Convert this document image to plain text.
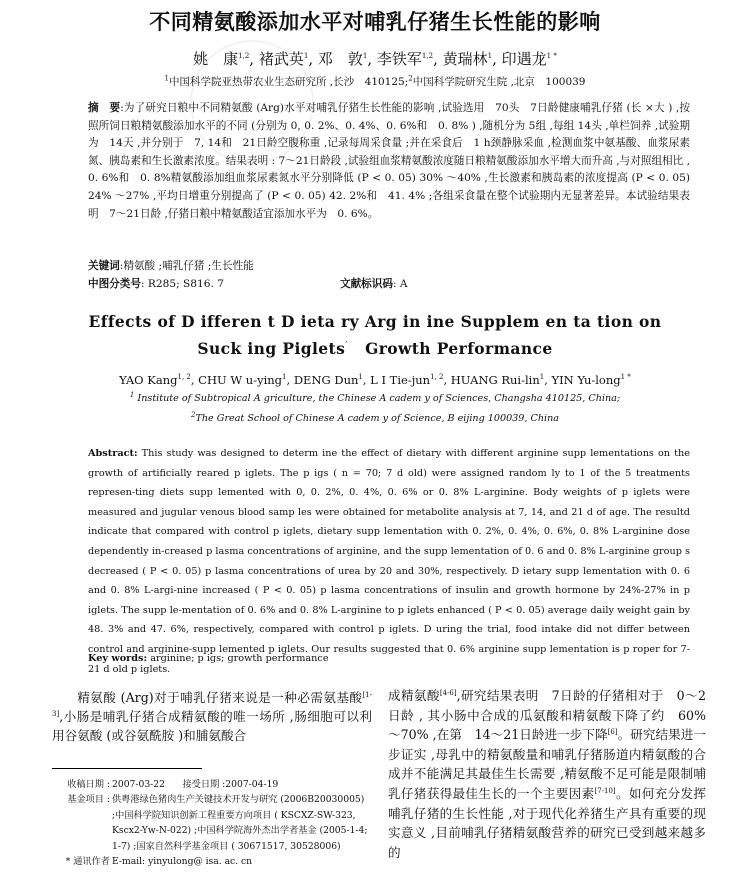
不同精氨酸添加水平对哺乳仔猪生长性能的影响
姚　康$^{1,2}$, 褚武英$^1$, 邓　敦$^1$, 李铁军$^{1,2}$, 黄瑞林$^1$, 印遇龙$^{1 *}$
$^1$中国科学院亚热带农业生态研究所 ,长沙　410125;$^2$中国科学院研究生院 ,北京　100039
摘　要:为了研究日粮中不同精氨酸 (Arg)水平对哺乳仔猪生长性能的影响 ,试验选用　70头　7日龄健康哺乳仔猪 (长 ×大 ) ,按照所饲日粮精氨酸添加水平的不同 (分别为 0, 0. 2%、0. 4%、0. 6%和　0. 8% ) ,随机分为 5组 ,每组 14头 ,单栏饲养 ,试验期为　14天 ,并分别于　7, 14和　21日龄空腹称重 ,记录每周采食量 ;并在采食后　1 h颈静脉采血 ,检测血浆中氨基酸、血浆尿素氮、胰岛素和生长激素浓度。结果表明 : 7～21日龄段 ,试验组血浆精氨酸浓度随日粮精氨酸添加水平增大而升高 ,与对照组相比 , 0. 6%和　0. 8%精氨酸添加组血浆尿素氮水平分别降低 (P < 0. 05) 30% ～40% ,生长激素和胰岛素的浓度提高 (P < 0. 05) 24% ～27% ,平均日增重分别提高了 (P < 0. 05) 42. 2%和　41. 4% ;各组采食量在整个试验期内无显著差异。本试验结果表明　7～21日龄 ,仔猪日粮中精氨酸适宜添加水平为　0. 6%。
关键词:精氨酸 ;哺乳仔猪 ;生长性能
中图分类号: R285; S816. 7	文献标识码: A
Effects of D ifferen t D ieta ry Arg in ine Supplem en ta tion on
Suck ing Piglets′ Growth Performance
YAO Kang$^{1, 2}$, CHU W u-ying$^1$, DENG Dun$^1$, L I Tie-jun$^{1, 2}$, HUANG Rui-lin$^1$, YIN Yu-long$^{1 *}$
$^1$ Institute of Subtropical A griculture, the Chinese A cadem y of Sciences, Changsha 410125, China;
$^2$The Great School of Chinese A cadem y of Science, B eijing 100039, China
Abstract: This study was designed to determ ine the effect of dietary with different arginine supp lementations on the growth of artificially reared p iglets. The p igs ( n = 70; 7 d old) were assigned random ly to 1 of the 5 treatments represen-ting diets supp lemented with 0, 0. 2%, 0. 4%, 0. 6% or 0. 8% L-arginine. Body weights of p iglets were measured and jugular venous blood samp les were obtained for metabolite analysis at 7, 14, and 21 d of age. The resultd indicate that compared with control p iglets, dietary supp lementation with 0. 2%, 0. 4%, 0. 6%, 0. 8% L-arginine dose dependently in-creased p lasma concentrations of arginine, and the supp lementation of 0. 6 and 0. 8% L-arginine group s decreased ( P < 0. 05) p lasma concentrations of urea by 20 and 30%, respectively. D ietary supp lementation with 0. 6 and 0. 8% L-argi-nine increased ( P < 0. 05) p lasma concentrations of insulin and growth hormone by 24%-27% in p iglets. The supp le-mentation of 0. 6% and 0. 8% L-arginine to p iglets enhanced ( P < 0. 05) average daily weight gain by 48. 3% and 47. 6%, respectively, compared with control p iglets. D uring the trial, food intake did not differ between control and arginine-supp lemented p iglets. Our results suggested that 0. 6% arginine supp lementation is p roper for 7-21 d old p iglets.
Key words: arginine; p igs; growth performance
精氨酸 (Arg)对于哺乳仔猪来说是一种必需氨基酸[1-3],小肠是哺乳仔猪合成精氨酸的唯一场所 ,肠细胞可以利用谷氨酸 (或谷氨酰胺 )和脯氨酸合
成精氨酸[4-6],研究结果表明　7日龄的仔猪相对于　0～2日龄 , 其小肠中合成的瓜氨酸和精氨酸下降了约　60% ～70% ,在第　14～21日龄进一步下降[6]。研究结果进一步证实 ,母乳中的精氨酸量和哺乳仔猪肠道内精氨酸的合成并不能满足其最佳生长需要 ,精氨酸不足可能是限制哺乳仔猪获得最佳生长的一个主要因素[7-10]。如何充分发挥哺乳仔猪的生长性能 ,对于现代化养猪生产具有重要的现实意义 ,目前哺乳仔猪精氨酸营养的研究已受到越来越多的
收稿日期 : 2007-03-22 接受日期 :2007-04-19
基金项目 : 供粤港绿色猪肉生产关键技术开发与研究 (2006B20030005) ;中国科学院知识创新工程重要方向项目 ( KSCXZ-SW-323, Kscx2-Yw-N-022) ;中国科学院海外杰出学者基金 (2005-1-4; 1-7) ;国家自然科学基金项目 ( 30671517, 30528006)
* 通讯作者 E-mail: yinyulong@ isa. ac. cn
